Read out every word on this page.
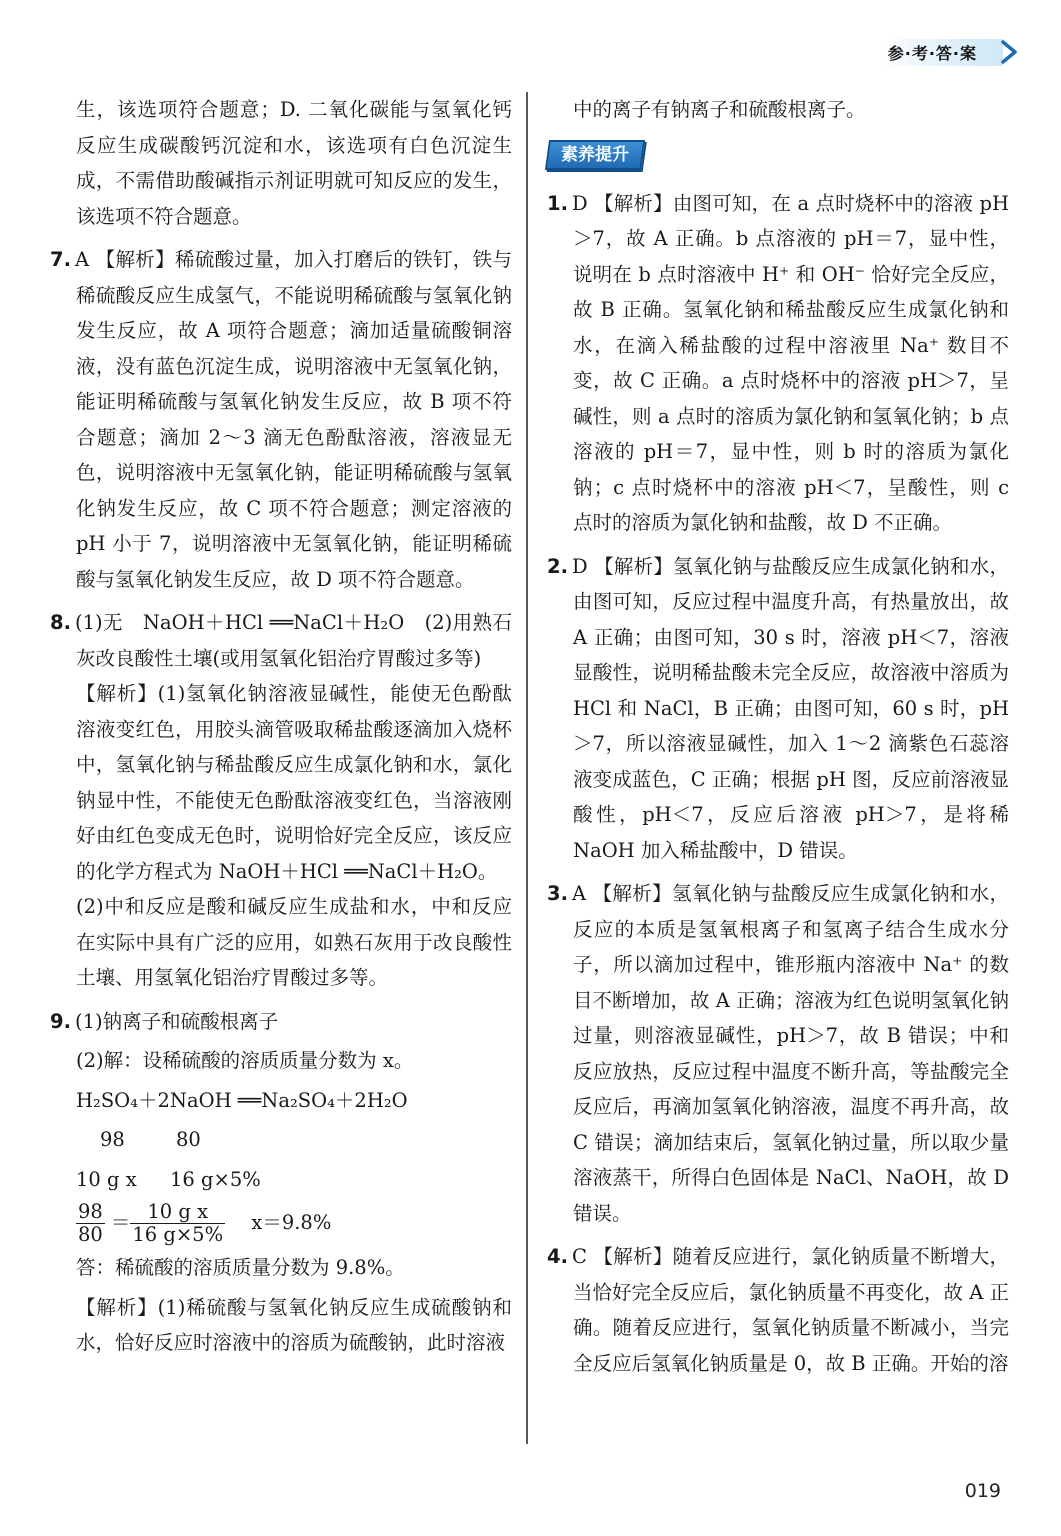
参·考·答·案

生，该选项符合题意；D. 二氧化碳能与氢氧化钙反应生成碳酸钙沉淀和水，该选项有白色沉淀生成，不需借助酸碱指示剂证明就可知反应的发生，该选项不符合题意。

7. A 【解析】稀硫酸过量，加入打磨后的铁钉，铁与稀硫酸反应生成氢气，不能说明稀硫酸与氢氧化钠发生反应，故 A 项符合题意；滴加适量硫酸铜溶液，没有蓝色沉淀生成，说明溶液中无氢氧化钠，能证明稀硫酸与氢氧化钠发生反应，故 B 项不符合题意；滴加 2～3 滴无色酚酞溶液，溶液显无色，说明溶液中无氢氧化钠，能证明稀硫酸与氢氧化钠发生反应，故 C 项不符合题意；测定溶液的 pH 小于 7，说明溶液中无氢氧化钠，能证明稀硫酸与氢氧化钠发生反应，故 D 项不符合题意。

8. (1)无　NaOH＋HCl ══NaCl＋H₂O　(2)用熟石灰改良酸性土壤(或用氢氧化铝治疗胃酸过多等)

【解析】(1)氢氧化钠溶液显碱性，能使无色酚酞溶液变红色，用胶头滴管吸取稀盐酸逐滴加入烧杯中，氢氧化钠与稀盐酸反应生成氯化钠和水，氯化钠显中性，不能使无色酚酞溶液变红色，当溶液刚好由红色变成无色时，说明恰好完全反应，该反应的化学方程式为 NaOH＋HCl ══NaCl＋H₂O。

(2)中和反应是酸和碱反应生成盐和水，中和反应在实际中具有广泛的应用，如熟石灰用于改良酸性土壤、用氢氧化铝治疗胃酸过多等。

9. (1)钠离子和硫酸根离子

(2)解：设稀硫酸的溶质质量分数为 x。

H₂SO₄＋2NaOH ══Na₂SO₄＋2H₂O

98	80

10 g x 16 g×5%

$\frac{98}{80} = \frac{\text{10 g x}}{16 g\times 5\%} x=9.8\%$

答：稀硫酸的溶质质量分数为 9.8%。

【解析】(1)稀硫酸与氢氧化钠反应生成硫酸钠和水，恰好反应时溶液中的溶质为硫酸钠，此时溶液

中的离子有钠离子和硫酸根离子。

素养提升

1. D 【解析】由图可知，在 a 点时烧杯中的溶液 pH＞7，故 A 正确。b 点溶液的 pH＝7，显中性，说明在 b 点时溶液中 H⁺ 和 OH⁻ 恰好完全反应，故 B 正确。氢氧化钠和稀盐酸反应生成氯化钠和水，在滴入稀盐酸的过程中溶液里 Na⁺ 数目不变，故 C 正确。a 点时烧杯中的溶液 pH＞7，呈碱性，则 a 点时的溶质为氯化钠和氢氧化钠；b 点溶液的 pH＝7，显中性，则 b 时的溶质为氯化钠；c 点时烧杯中的溶液 pH＜7，呈酸性，则 c 点时的溶质为氯化钠和盐酸，故 D 不正确。

2. D 【解析】氢氧化钠与盐酸反应生成氯化钠和水，由图可知，反应过程中温度升高，有热量放出，故 A 正确；由图可知，30 s 时，溶液 pH＜7，溶液显酸性，说明稀盐酸未完全反应，故溶液中溶质为 HCl 和 NaCl，B 正确；由图可知，60 s 时，pH＞7，所以溶液显碱性，加入 1～2 滴紫色石蕊溶液变成蓝色，C 正确；根据 pH 图，反应前溶液显酸性，pH＜7，反应后溶液 pH＞7，是将稀 NaOH 加入稀盐酸中，D 错误。

3. A 【解析】氢氧化钠与盐酸反应生成氯化钠和水，反应的本质是氢氧根离子和氢离子结合生成水分子，所以滴加过程中，锥形瓶内溶液中 Na⁺ 的数目不断增加，故 A 正确；溶液为红色说明氢氧化钠过量，则溶液显碱性，pH＞7，故 B 错误；中和反应放热，反应过程中温度不断升高，等盐酸完全反应后，再滴加氢氧化钠溶液，温度不再升高，故 C 错误；滴加结束后，氢氧化钠过量，所以取少量溶液蒸干，所得白色固体是 NaCl、NaOH，故 D 错误。

4. C 【解析】随着反应进行，氯化钠质量不断增大，当恰好完全反应后，氯化钠质量不再变化，故 A 正确。随着反应进行，氢氧化钠质量不断减小，当完全反应后氢氧化钠质量是 0，故 B 正确。开始的溶

019
